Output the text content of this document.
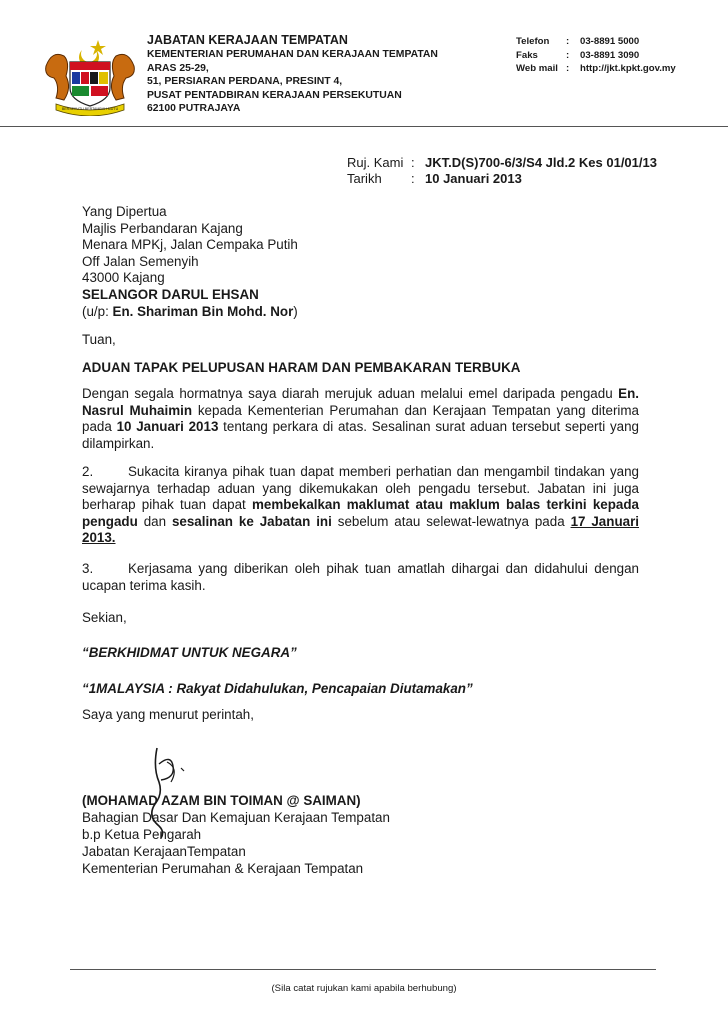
BERSEKUTU BERTAMBAH MUTU
JABATAN KERAJAAN TEMPATAN
KEMENTERIAN PERUMAHAN DAN KERAJAAN TEMPATAN
ARAS 25-29,
51, PERSIARAN PERDANA, PRESINT 4,
PUSAT PENTADBIRAN KERAJAAN PERSEKUTUAN
62100 PUTRAJAYA
Telefon	:	03-8891 5000
Faks	:	03-8891 3090
Web mail :	http://jkt.kpkt.gov.my
Ruj. Kami : JKT.D(S)700-6/3/S4 Jld.2 Kes 01/01/13
Tarikh	: 10 Januari 2013
Yang Dipertua
Majlis Perbandaran Kajang
Menara MPKj, Jalan Cempaka Putih
Off Jalan Semenyih
43000 Kajang
SELANGOR DARUL EHSAN
(u/p: En. Shariman Bin Mohd. Nor)
Tuan,
ADUAN TAPAK PELUPUSAN HARAM DAN PEMBAKARAN TERBUKA
Dengan segala hormatnya saya diarah merujuk aduan melalui emel daripada pengadu En. Nasrul Muhaimin kepada Kementerian Perumahan dan Kerajaan Tempatan yang diterima pada 10 Januari 2013 tentang perkara di atas. Sesalinan surat aduan tersebut seperti yang dilampirkan.
2.	Sukacita kiranya pihak tuan dapat memberi perhatian dan mengambil tindakan yang sewajarnya terhadap aduan yang dikemukakan oleh pengadu tersebut. Jabatan ini juga berharap pihak tuan dapat membekalkan maklumat atau maklum balas terkini kepada pengadu dan sesalinan ke Jabatan ini sebelum atau selewat-lewatnya pada 17 Januari 2013.
3.	Kerjasama yang diberikan oleh pihak tuan amatlah dihargai dan didahului dengan ucapan terima kasih.
Sekian,
“BERKHIDMAT UNTUK NEGARA”
“1MALAYSIA : Rakyat Didahulukan, Pencapaian Diutamakan”
Saya yang menurut perintah,
(MOHAMAD AZAM BIN TOIMAN @ SAIMAN)
Bahagian Dasar Dan Kemajuan Kerajaan Tempatan
b.p Ketua Pengarah
Jabatan KerajaanTempatan
Kementerian Perumahan & Kerajaan Tempatan
(Sila catat rujukan kami apabila berhubung)
